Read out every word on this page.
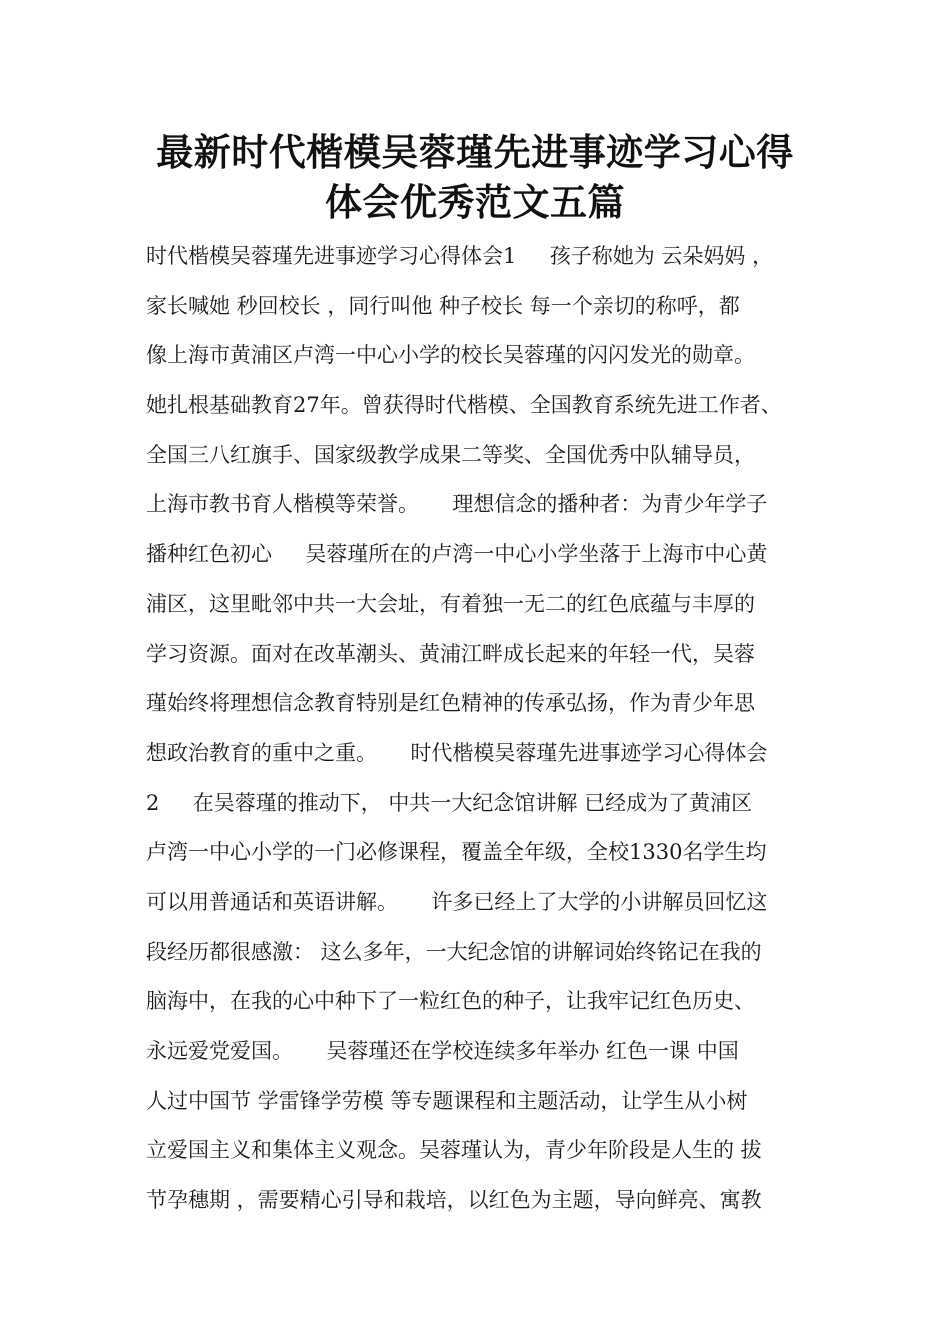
最新时代楷模吴蓉瑾先进事迹学习心得
体会优秀范文五篇
时代楷模吴蓉瑾先进事迹学习心得体会1     孩子称她为 云朵妈妈 ，
家长喊她 秒回校长 ，同行叫他 种子校长 每一个亲切的称呼，都
像上海市黄浦区卢湾一中心小学的校长吴蓉瑾的闪闪发光的勋章。
她扎根基础教育27年。曾获得时代楷模、全国教育系统先进工作者、
全国三八红旗手、国家级教学成果二等奖、全国优秀中队辅导员，
上海市教书育人楷模等荣誉。     理想信念的播种者：为青少年学子
播种红色初心     吴蓉瑾所在的卢湾一中心小学坐落于上海市中心黄
浦区，这里毗邻中共一大会址，有着独一无二的红色底蕴与丰厚的
学习资源。面对在改革潮头、黄浦江畔成长起来的年轻一代，吴蓉
瑾始终将理想信念教育特别是红色精神的传承弘扬，作为青少年思
想政治教育的重中之重。     时代楷模吴蓉瑾先进事迹学习心得体会
2     在吴蓉瑾的推动下， 中共一大纪念馆讲解 已经成为了黄浦区
卢湾一中心小学的一门必修课程，覆盖全年级，全校1330名学生均
可以用普通话和英语讲解。     许多已经上了大学的小讲解员回忆这
段经历都很感激： 这么多年，一大纪念馆的讲解词始终铭记在我的
脑海中，在我的心中种下了一粒红色的种子，让我牢记红色历史、
永远爱党爱国。     吴蓉瑾还在学校连续多年举办 红色一课 中国
人过中国节 学雷锋学劳模 等专题课程和主题活动，让学生从小树
立爱国主义和集体主义观念。吴蓉瑾认为，青少年阶段是人生的 拔
节孕穗期 ，需要精心引导和栽培，以红色为主题，导向鲜亮、寓教
